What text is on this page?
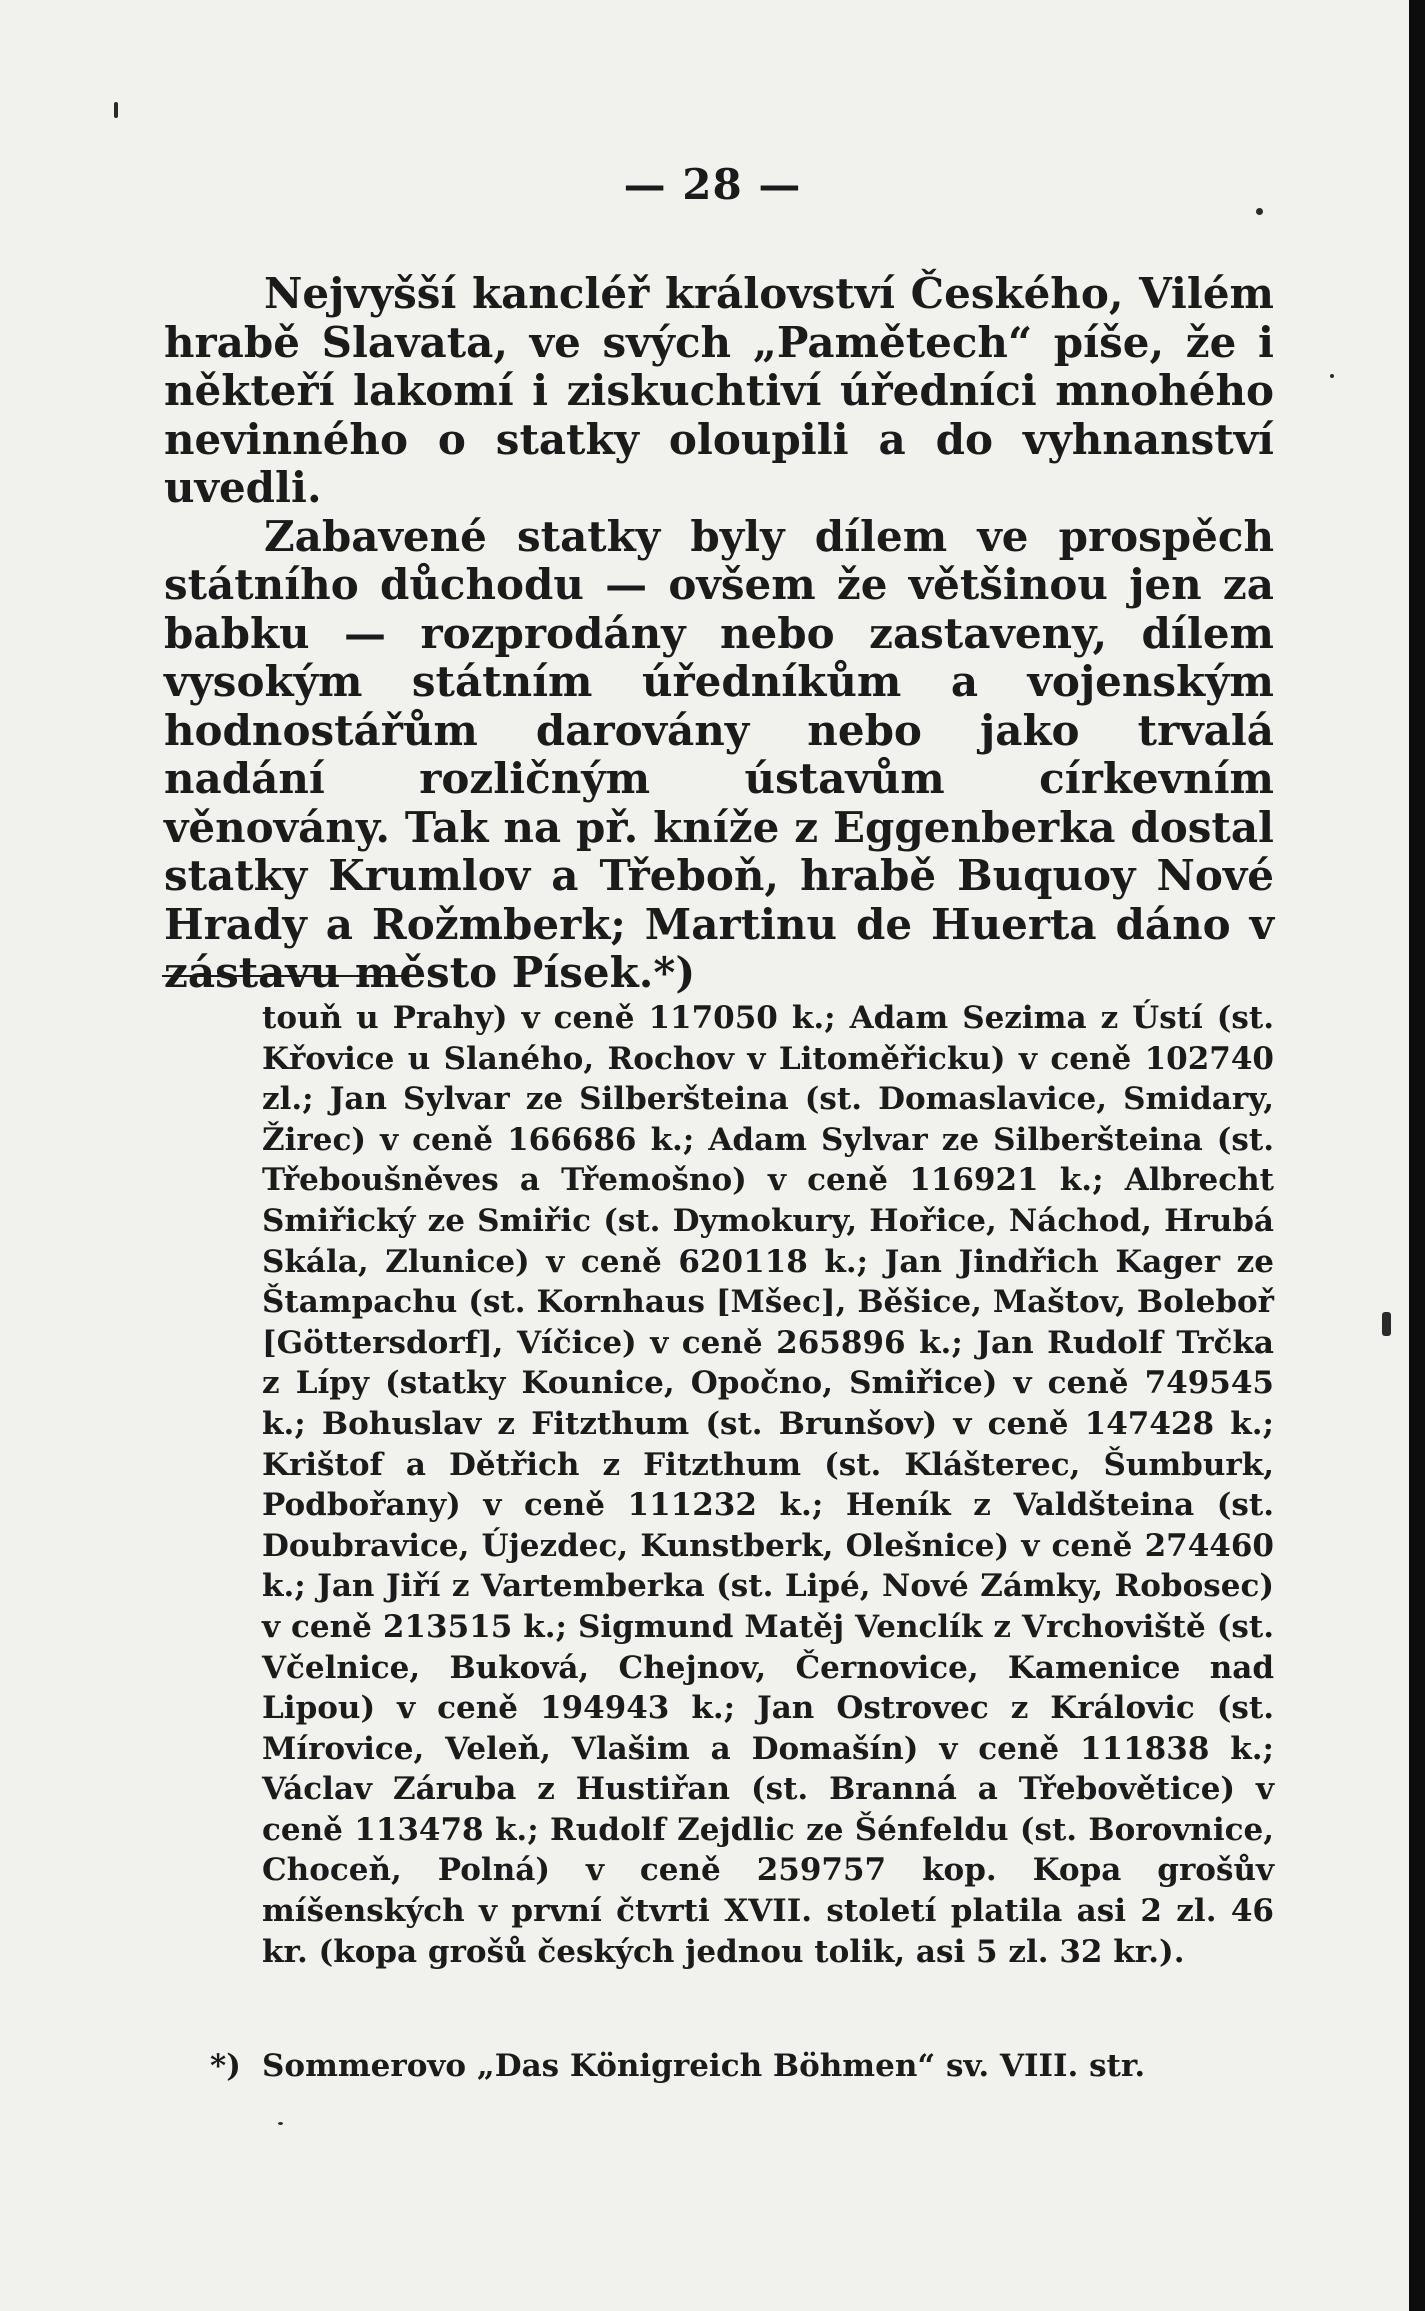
— 28 —

Nejvyšší kancléř království Českého, Vilém hrabě Slavata, ve svých „Pamětech“ píše, že i někteří lakomí i ziskuchtiví úředníci mnohého nevinného o statky oloupili a do vyhnanství uvedli.

Zabavené statky byly dílem ve prospěch státního důchodu — ovšem že většinou jen za babku — rozprodány nebo zastaveny, dílem vysokým státním úředníkům a vojenským hodnostářům darovány nebo jako trvalá nadání rozličným ústavům církevním věnovány. Tak na př. kníže z Eggenberka dostal statky Krumlov a Třeboň, hrabě Buquoy Nové Hrady a Rožmberk; Martinu de Huerta dáno v zástavu město Písek.*)

touň u Prahy) v ceně 117050 k.; Adam Sezima z Ústí (st. Křovice u Slaného, Rochov v Litoměřicku) v ceně 102740 zl.; Jan Sylvar ze Silberšteina (st. Domaslavice, Smidary, Žirec) v ceně 166686 k.; Adam Sylvar ze Silberšteina (st. Třeboušněves a Třemošno) v ceně 116921 k.; Albrecht Smiřický ze Smiřic (st. Dymokury, Hořice, Náchod, Hrubá Skála, Zlunice) v ceně 620118 k.; Jan Jindřich Kager ze Štampachu (st. Kornhaus [Mšec], Běšice, Maštov, Boleboř [Göttersdorf], Víčice) v ceně 265896 k.; Jan Rudolf Trčka z Lípy (statky Kounice, Opočno, Smiřice) v ceně 749545 k.; Bohuslav z Fitzthum (st. Brunšov) v ceně 147428 k.; Krištof a Dětřich z Fitzthum (st. Klášterec, Šumburk, Podbořany) v ceně 111232 k.; Heník z Valdšteina (st. Doubravice, Újezdec, Kunstberk, Olešnice) v ceně 274460 k.; Jan Jiří z Vartemberka (st. Lipé, Nové Zámky, Robosec) v ceně 213515 k.; Sigmund Matěj Venclík z Vrchoviště (st. Včelnice, Buková, Chejnov, Černovice, Kamenice nad Lipou) v ceně 194943 k.; Jan Ostrovec z Královic (st. Mírovice, Veleň, Vlašim a Domašín) v ceně 111838 k.; Václav Záruba z Hustiřan (st. Branná a Třebovětice) v ceně 113478 k.; Rudolf Zejdlic ze Šénfeldu (st. Borovnice, Choceň, Polná) v ceně 259757 kop. Kopa grošův míšenských v první čtvrti XVII. století platila asi 2 zl. 46 kr. (kopa grošů českých jednou tolik, asi 5 zl. 32 kr.).

*) Sommerovo „Das Königreich Böhmen“ sv. VIII. str.
